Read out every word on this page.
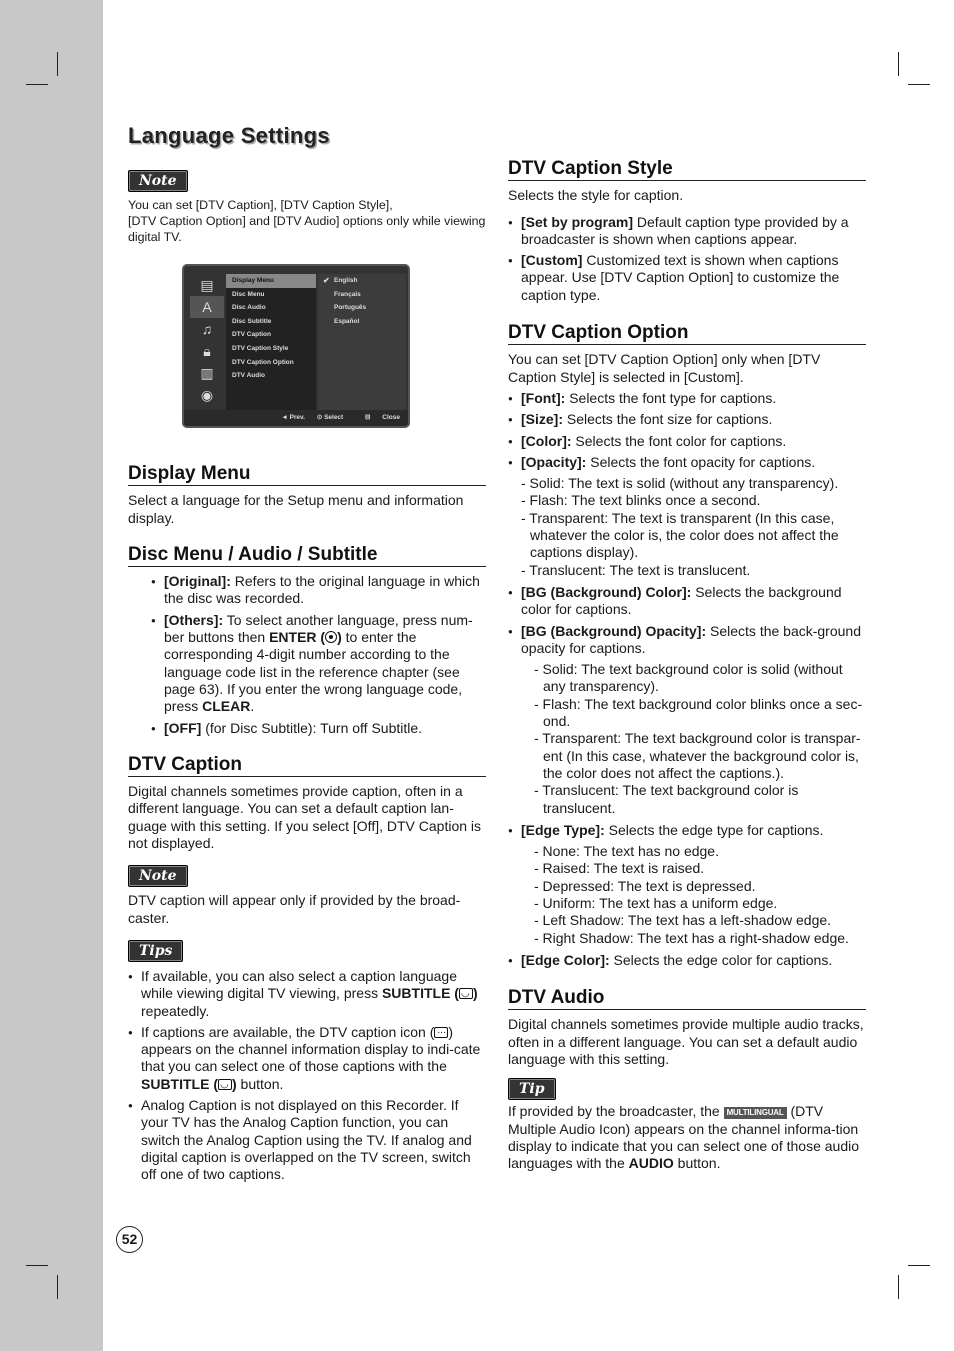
Language Settings
Note
You can set [DTV Caption], [DTV Caption Style],
[DTV Caption Option] and [DTV Audio] options only while viewing digital TV.
Display Menu

Select a language for the Setup menu and information display.

Disc Menu / Audio / Subtitle
● [Original]: Refers to the original language in which the disc was recorded.
● [Others]: To select another language, press num-ber buttons then ENTER ( ) to enter the corresponding 4-digit number according to the language code list in the reference chapter (see page 63). If you enter the wrong language code, press CLEAR.
● [OFF] (for Disc Subtitle): Turn off Subtitle.
DTV Caption

Digital channels sometimes provide caption, often in a different language. You can set a default caption lan-guage with this setting. If you select [Off], DTV Caption is not displayed.

Note

DTV caption will appear only if provided by the broad-caster.

Tips
● If available, you can also select a caption language while viewing digital TV viewing, press SUBTITLE (◡ ) repeatedly.
● If captions are available, the DTV caption icon ( ... ) appears on the channel information display to indi-cate that you can select one of those captions with the SUBTITLE ( ◡ ) button.
● Analog Caption is not displayed on this Recorder. If your TV has the Analog Caption function, you can switch the Analog Caption using the TV. If analog and digital caption is overlapped on the TV screen, switch off one of two captions.
▤
A
♫
🔒︎
▥
◉
Display Menu
Disc Menu
Disc Audio
Disc Subtitle
DTV Caption
DTV Caption Style
DTV Caption Option
DTV Audio
✔ English
Français
Português
Español
◄ Prev. ⊙ Select	⊟ Close
DTV Caption Style

Selects the style for caption.

● [Set by program] Default caption type provided by a broadcaster is shown when captions appear.
● [Custom] Customized text is shown when captions appear. Use [DTV Caption Option] to customize the caption type.
DTV Caption Option

You can set [DTV Caption Option] only when [DTV Caption Style] is selected in [Custom].

● [Font]: Selects the font type for captions.
● [Size]: Selects the font size for captions.
● [Color]: Selects the font color for captions.
● [Opacity]: Selects the font opacity for captions.
- Solid: The text is solid (without any transparency).
- Flash: The text blinks once a second.
- Transparent: The text is transparent (In this case, whatever the color is, the color does not affect the captions display).
- Translucent: The text is translucent.
● [BG (Background) Color]: Selects the background color for captions.
● [BG (Background) Opacity]: Selects the back-ground opacity for captions.
- Solid: The text background color is solid (without any transparency).
- Flash: The text background color blinks once a sec-ond.
- Transparent: The text background color is transpar-ent (In this case, whatever the background color is, the color does not affect the captions.).
- Translucent: The text background color is translucent.
● [Edge Type]: Selects the edge type for captions.
- None: The text has no edge.
- Raised: The text is raised.
- Depressed: The text is depressed.
- Uniform: The text has a uniform edge.
- Left Shadow: The text has a left-shadow edge.
- Right Shadow: The text has a right-shadow edge.
● [Edge Color]: Selects the edge color for captions.
DTV Audio

Digital channels sometimes provide multiple audio tracks, often in a different language. You can set a default audio language with this setting.

Tip

If provided by the broadcaster, the MULTILINGUAL (DTV Multiple Audio Icon) appears on the channel informa-tion display to indicate that you can select one of those audio languages with the AUDIO button.

52
